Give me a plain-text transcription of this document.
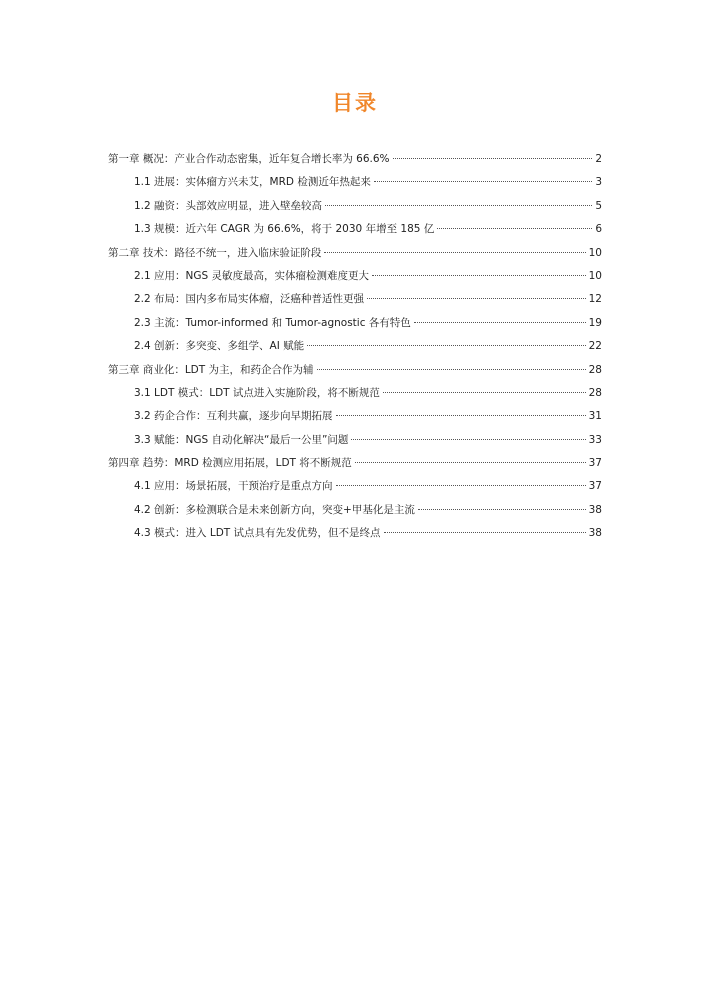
目录
第一章 概况：产业合作动态密集，近年复合增长率为 66.6%	2
1.1 进展：实体瘤方兴未艾，MRD 检测近年热起来	3
1.2 融资：头部效应明显，进入壁垒较高	5
1.3 规模：近六年 CAGR 为 66.6%，将于 2030 年增至 185 亿	6
第二章 技术：路径不统一，进入临床验证阶段	10
2.1 应用：NGS 灵敏度最高，实体瘤检测难度更大	10
2.2 布局：国内多布局实体瘤，泛癌种普适性更强	12
2.3 主流：Tumor-informed 和 Tumor-agnostic 各有特色	19
2.4 创新：多突变、多组学、AI 赋能	22
第三章 商业化：LDT 为主，和药企合作为辅	28
3.1 LDT 模式：LDT 试点进入实施阶段，将不断规范	28
3.2 药企合作：互利共赢，逐步向早期拓展	31
3.3 赋能：NGS 自动化解决“最后一公里”问题	33
第四章 趋势：MRD 检测应用拓展，LDT 将不断规范	37
4.1 应用：场景拓展，干预治疗是重点方向	37
4.2 创新：多检测联合是未来创新方向，突变+甲基化是主流	38
4.3 模式：进入 LDT 试点具有先发优势，但不是终点	38
